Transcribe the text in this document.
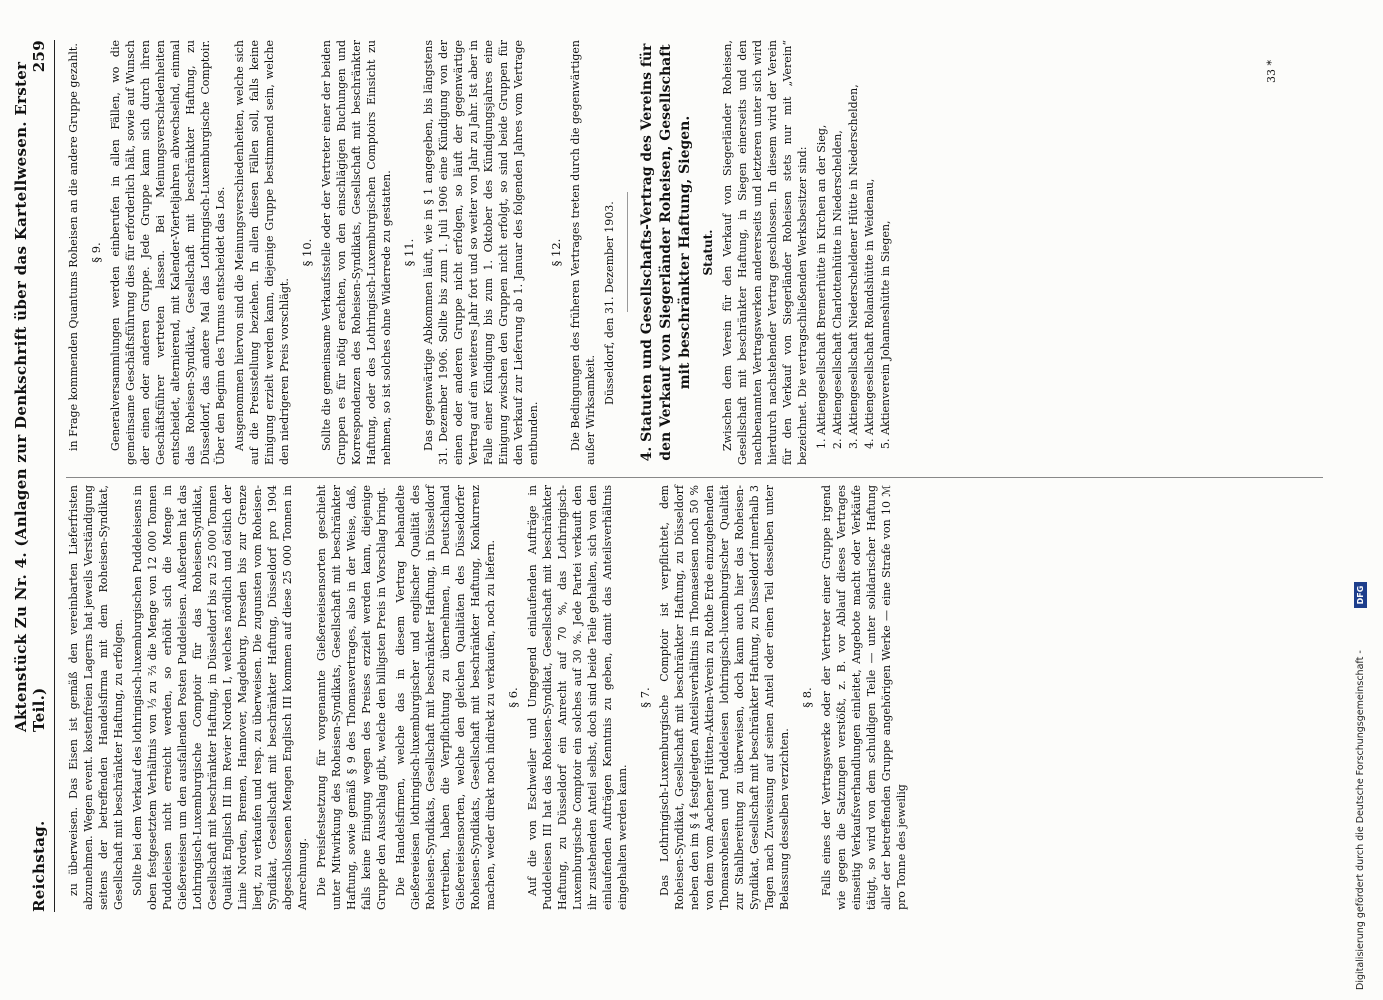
Reichstag.
Aktenstück Zu Nr. 4. (Anlagen zur Denkschrift über das Kartellwesen. Erster Teil.)
259

zu überweisen. Das Eisen ist gemäß den vereinbarten Lieferfristen abzunehmen. Wegen event. kostenfreien Lagerns hat jeweils Verständigung seitens der betreffenden Handelsfirma mit dem Roheisen-Syndikat, Gesellschaft mit beschränkter Haftung, zu erfolgen. Sollte bei dem Verkauf des lothringisch-luxemburgischen Puddeleisens in oben festgesetztem Verhältnis von ⅓ zu ⅔ die Menge von 12 000 Tonnen Puddeleisen nicht erreicht werden, so erhöht sich die Menge in Gießereieisen um den ausfallenden Posten Puddeleisen. Außerdem hat das Lothringisch-Luxemburgische Comptoir für das Roheisen-Syndikat, Gesellschaft mit beschränkter Haftung, in Düsseldorf bis zu 25 000 Tonnen Qualität Englisch III im Revier Norden I, welches nördlich und östlich der Linie Norden, Bremen, Hannover, Magdeburg, Dresden bis zur Grenze liegt, zu verkaufen und resp. zu überweisen. Die zugunsten vom Roheisen-Syndikat, Gesellschaft mit beschränkter Haftung, Düsseldorf pro 1904 abgeschlossenen Mengen Englisch III kommen auf diese 25 000 Tonnen in Anrechnung. Die Preisfestsetzung für vorgenannte Gießereieisensorten geschieht unter Mitwirkung des Roheisen-Syndikats, Gesellschaft mit beschränkter Haftung, sowie gemäß § 9 des Thomasvertrages, also in der Weise, daß, falls keine Einigung wegen des Preises erzielt werden kann, diejenige Gruppe den Ausschlag gibt, welche den billigsten Preis in Vorschlag bringt. Die Handelsfirmen, welche das in diesem Vertrag behandelte Gießereieisen lothringisch-luxemburgischer und englischer Qualität des Roheisen-Syndikats, Gesellschaft mit beschränkter Haftung, in Düsseldorf vertreiben, haben die Verpflichtung zu übernehmen, in Deutschland Gießereieisensorten, welche den gleichen Qualitäten des Düsseldorfer Roheisen-Syndikats, Gesellschaft mit beschränkter Haftung, Konkurrenz machen, weder direkt noch indirekt zu verkaufen, noch zu liefern. § 6. Auf die von Eschweiler und Umgegend einlaufenden Aufträge in Puddeleisen III hat das Roheisen-Syndikat, Gesellschaft mit beschränkter Haftung, zu Düsseldorf ein Anrecht auf 70 %, das Lothringisch-Luxemburgische Comptoir ein solches auf 30 %. Jede Partei verkauft den ihr zustehenden Anteil selbst, doch sind beide Teile gehalten, sich von den einlaufenden Aufträgen Kenntnis zu geben, damit das Anteilsverhältnis eingehalten werden kann.

§ 7. Das Lothringisch-Luxemburgische Comptoir ist verpflichtet, dem Roheisen-Syndikat, Gesellschaft mit beschränkter Haftung, zu Düsseldorf neben den im § 4 festgelegten Anteilsverhältnis in Thomaseisen noch 50 % von dem vom Aachener Hütten-Aktien-Verein zu Rothe Erde einzugehenden Thomasroheisen und Puddeleisen lothringisch-luxemburgischer Qualität zur Stahlbereitung zu überweisen, doch kann auch hier das Roheisen-Syndikat, Gesellschaft mit beschränkter Haftung, zu Düsseldorf innerhalb 3 Tagen nach Zuweisung auf seinen Anteil oder einen Teil desselben unter Belassung desselben verzichten.

§ 8. Falls eines der Vertragswerke oder der Vertreter einer Gruppe irgend wie gegen die Satzungen verstößt, z. B. vor Ablauf dieses Vertrages einseitig Verkaufsverhandlungen einleitet, Angebote macht oder Verkäufe tätigt, so wird von dem schuldigen Teile — unter solidarischer Haftung aller der betreffenden Gruppe angehörigen Werke — eine Strafe von 10 ℳ pro Tonne des jeweilig

in Frage kommenden Quantums Roheisen an die andere Gruppe gezahlt. § 9. Generalversammlungen werden einberufen in allen Fällen, wo die gemeinsame Geschäftsführung dies für erforderlich hält, sowie auf Wunsch der einen oder anderen Gruppe. Jede Gruppe kann sich durch ihren Geschäftsführer vertreten lassen. Bei Meinungsverschiedenheiten entscheidet, alternierend, mit Kalender-Vierteljahren abwechselnd, einmal das Roheisen-Syndikat, Gesellschaft mit beschränkter Haftung, zu Düsseldorf, das andere Mal das Lothringisch-Luxemburgische Comptoir. Über den Beginn des Turnus entscheidet das Los. Ausgenommen hiervon sind die Meinungsverschiedenheiten, welche sich auf die Preisstellung beziehen. In allen diesen Fällen soll, falls keine Einigung erzielt werden kann, diejenige Gruppe bestimmend sein, welche den niedrigeren Preis vorschlägt.

§ 10. Sollte die gemeinsame Verkaufsstelle oder der Vertreter einer der beiden Gruppen es für nötig erachten, von den einschlägigen Buchungen und Korrespondenzen des Roheisen-Syndikats, Gesellschaft mit beschränkter Haftung, oder des Lothringisch-Luxemburgischen Comptoirs Einsicht zu nehmen, so ist solches ohne Widerrede zu gestatten. § 11. Das gegenwärtige Abkommen läuft, wie in § 1 angegeben, bis längstens 31. Dezember 1906. Sollte bis zum 1. Juli 1906 eine Kündigung von der einen oder anderen Gruppe nicht erfolgen, so läuft der gegenwärtige Vertrag auf ein weiteres Jahr fort und so weiter von Jahr zu Jahr. Ist aber in Falle einer Kündigung bis zum 1. Oktober des Kündigungsjahres eine Einigung zwischen den Gruppen nicht erfolgt, so sind beide Gruppen für den Verkauf zur Lieferung ab 1. Januar des folgenden Jahres vom Vertrage entbunden.

§ 12. Die Bedingungen des früheren Vertrages treten durch die gegenwärtigen außer Wirksamkeit.

Düsseldorf, den 31. Dezember 1903. 4. Statuten und Gesellschafts-Vertrag des Vereins für den Verkauf von Siegerländer Roheisen, Gesellschaft mit beschränkter Haftung, Siegen. Statut. Zwischen dem Verein für den Verkauf von Siegerländer Roheisen, Gesellschaft mit beschränkter Haftung, in Siegen einerseits und den nachbenannten Vertragswerken andererseits und letzteren unter sich wird hierdurch nachstehender Vertrag geschlossen. In diesem wird der Verein für den Verkauf von Siegerländer Roheisen stets nur mit „Verein“ bezeichnet. Die vertragschließenden Werksbesitzer sind: 1. Aktiengesellschaft Bremerhütte in Kirchen an der Sieg, 2. Aktiengesellschaft Charlottenhütte in Niederschelden, 3. Aktiengesellschaft Niederscheldener Hütte in Niederschelden, 4. Aktiengesellschaft Rolandshütte in Weidenau, 5. Aktienverein Johanneshütte in Siegen,
33 *
Digitalisierung gefördert durch die Deutsche Forschungsgemeinschaft -
DFG
